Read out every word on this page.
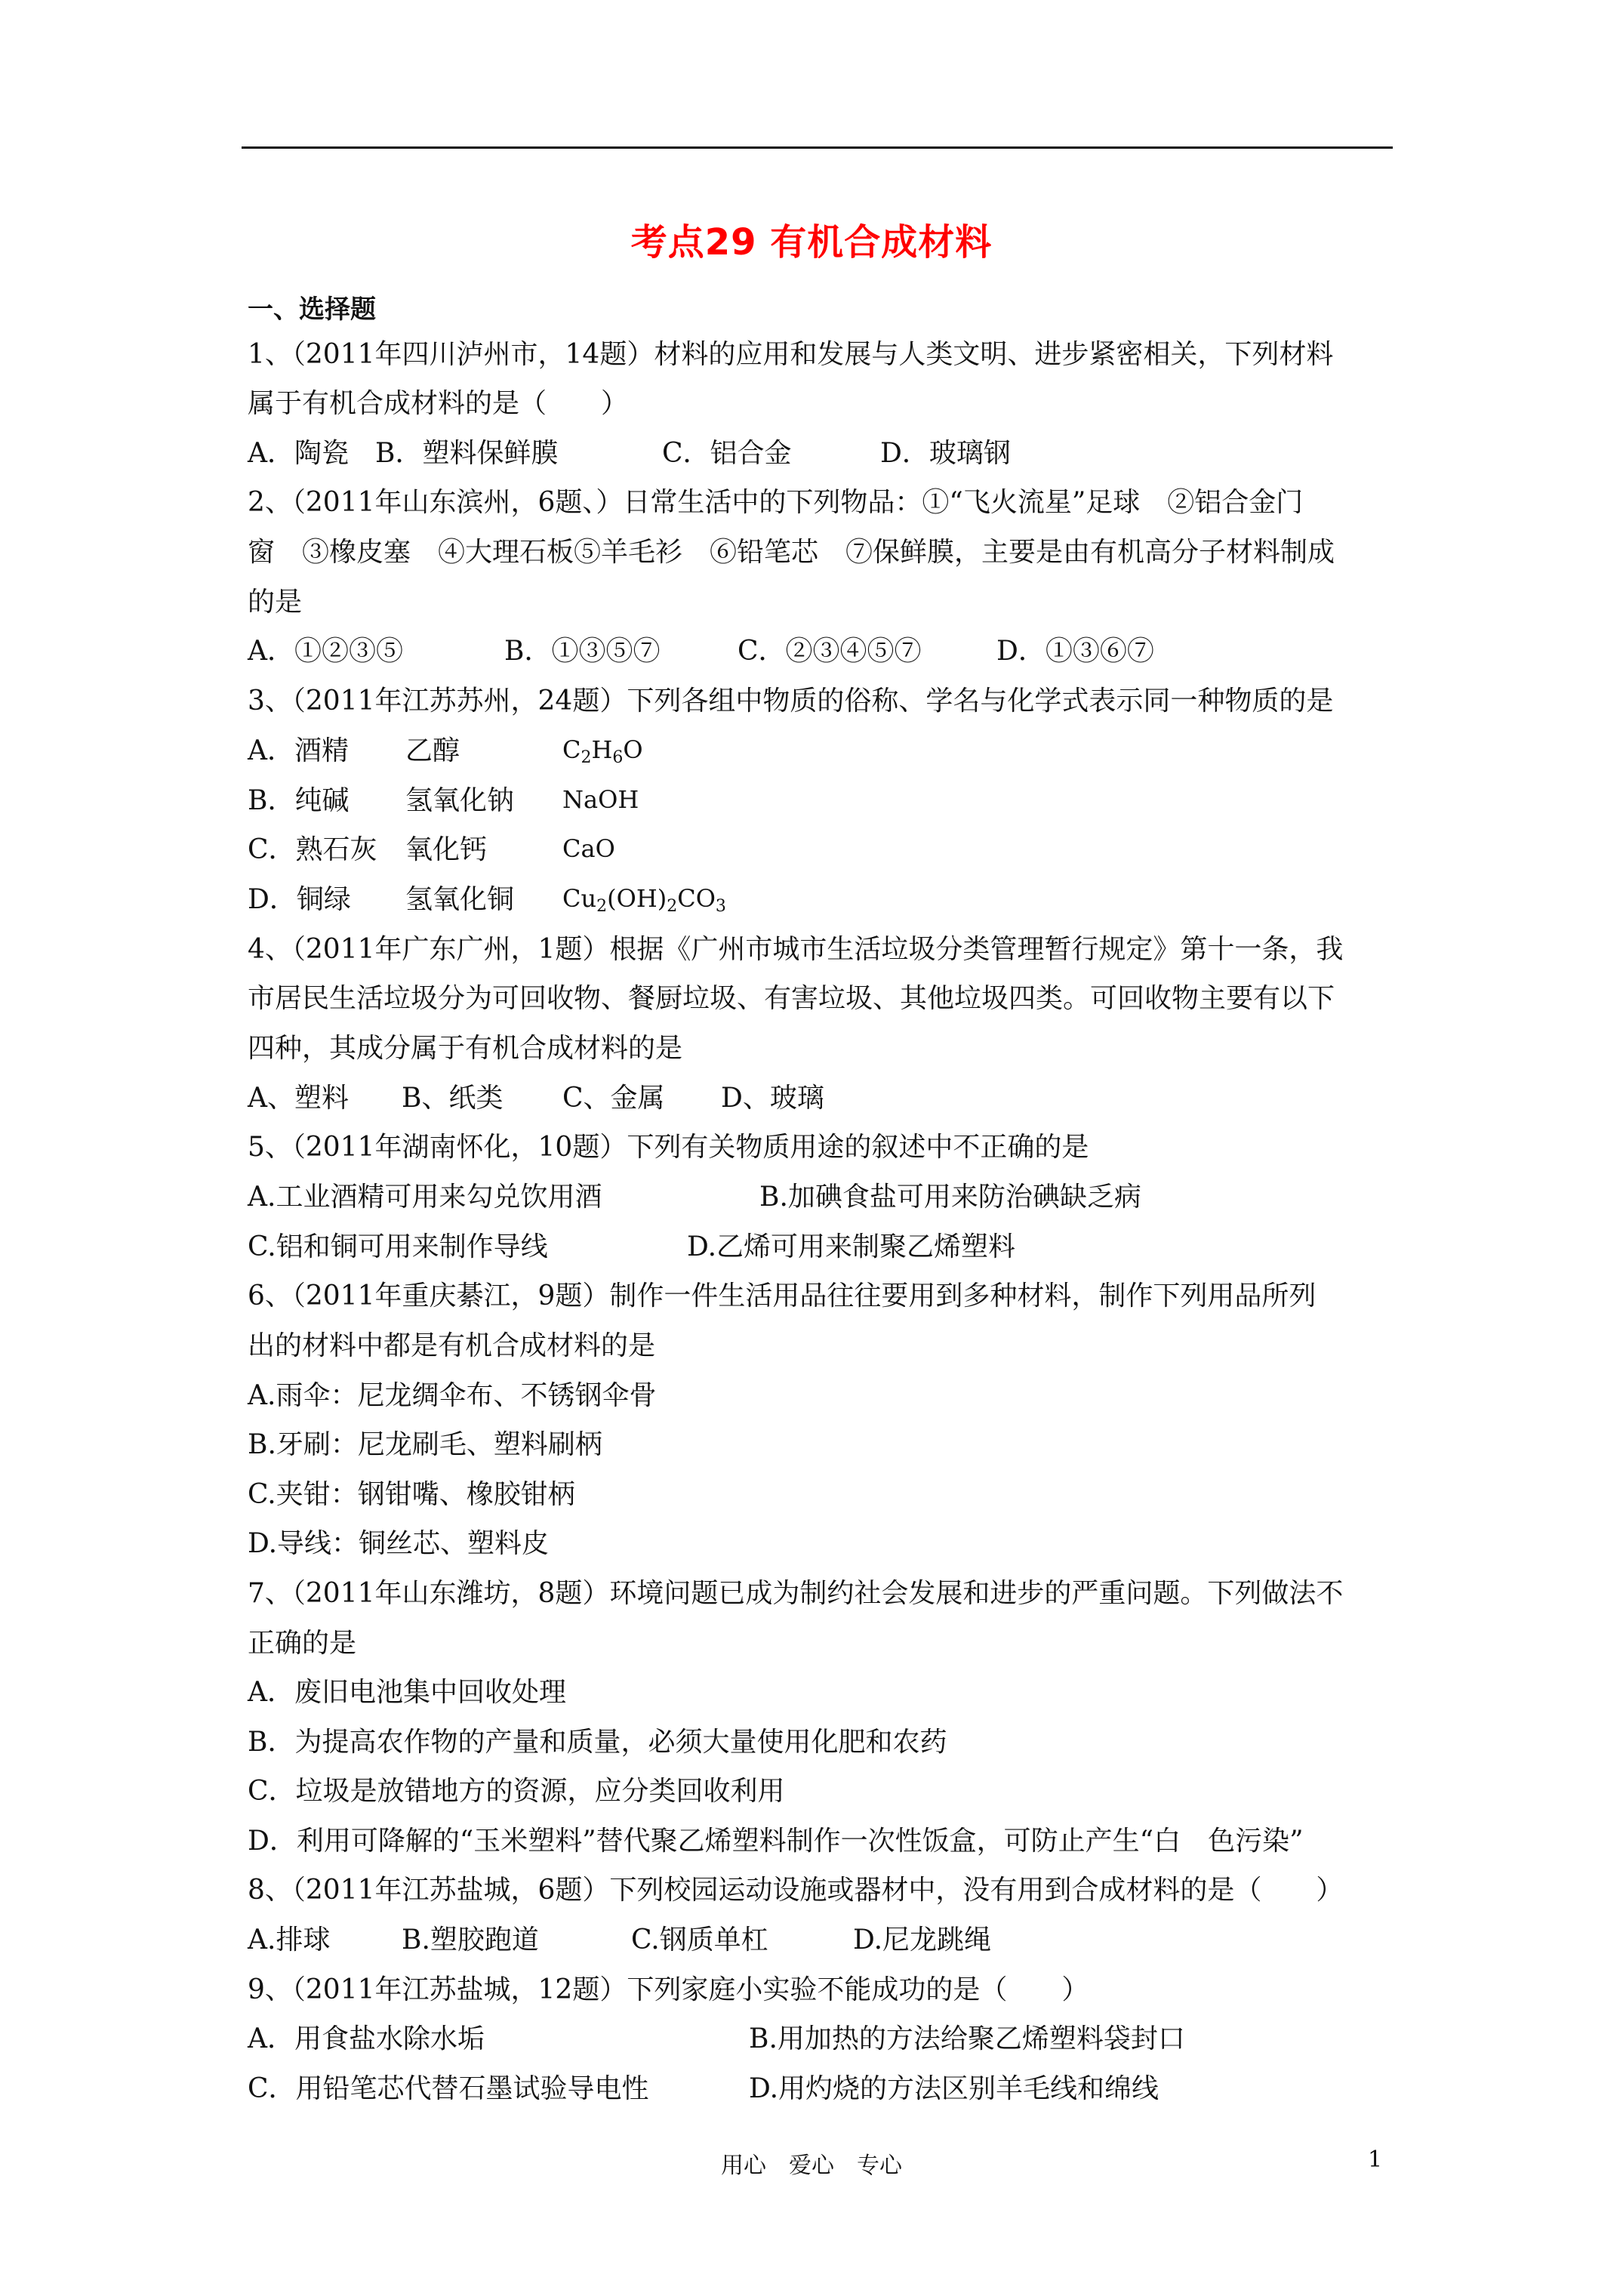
考点29 有机合成材料
一、选择题
1、（2011年四川泸州市，14题）材料的应用和发展与人类文明、进步紧密相关，下列材料
属于有机合成材料的是（　　）
A．陶瓷 B．塑料保鲜膜	C．铝合金	D．玻璃钢
2、（2011年山东滨州，6题、）日常生活中的下列物品：①“飞火流星”足球　②铝合金门
窗　③橡皮塞　④大理石板⑤羊毛衫　⑥铅笔芯　⑦保鲜膜，主要是由有机高分子材料制成
的是
A．①②③⑤	B．①③⑤⑦	C．②③④⑤⑦	D．①③⑥⑦
3、（2011年江苏苏州，24题）下列各组中物质的俗称、学名与化学式表示同一种物质的是
A．酒精 乙醇	$C_2H_6O$
B．纯碱 氢氧化钠 NaOH
C．熟石灰 氧化钙	CaO
D．铜绿 氢氧化铜 $Cu_2(OH)_2CO_3$
4、（2011年广东广州，1题）根据《广州市城市生活垃圾分类管理暂行规定》第十一条，我
市居民生活垃圾分为可回收物、餐厨垃圾、有害垃圾、其他垃圾四类。可回收物主要有以下
四种，其成分属于有机合成材料的是
A、塑料 B、纸类 C、金属 D、玻璃
5、（2011年湖南怀化，10题）下列有关物质用途的叙述中不正确的是
A.工业酒精可用来勾兑饮用酒	B.加碘食盐可用来防治碘缺乏病
C.铝和铜可用来制作导线	D.乙烯可用来制聚乙烯塑料
6、（2011年重庆綦江，9题）制作一件生活用品往往要用到多种材料，制作下列用品所列
出的材料中都是有机合成材料的是
A.雨伞：尼龙绸伞布、不锈钢伞骨
B.牙刷：尼龙刷毛、塑料刷柄
C.夹钳：钢钳嘴、橡胶钳柄
D.导线：铜丝芯、塑料皮
7、（2011年山东潍坊，8题）环境问题已成为制约社会发展和进步的严重问题。下列做法不
正确的是
A．废旧电池集中回收处理
B．为提高农作物的产量和质量，必须大量使用化肥和农药
C．垃圾是放错地方的资源，应分类回收利用
D．利用可降解的“玉米塑料”替代聚乙烯塑料制作一次性饭盒，可防止产生“白　色污染”
8、（2011年江苏盐城，6题）下列校园运动设施或器材中，没有用到合成材料的是（　　）
A.排球	B.塑胶跑道	C.钢质单杠	D.尼龙跳绳
9、（2011年江苏盐城，12题）下列家庭小实验不能成功的是（　　）
A．用食盐水除水垢	B.用加热的方法给聚乙烯塑料袋封口
C．用铅笔芯代替石墨试验导电性	D.用灼烧的方法区别羊毛线和绵线
用心　爱心　专心	1
